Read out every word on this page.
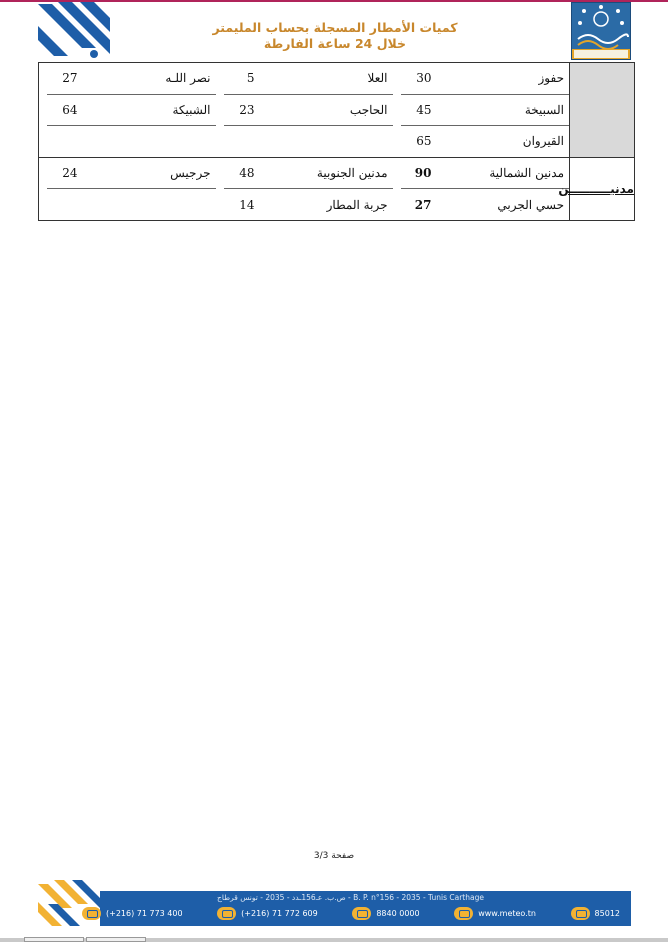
كميات الأمطار المسجلة بحساب المليمتر
خلال 24 ساعة الفارطة
	حفوز	30		العلا	5		نصر اللـه	27	
	السبيخة	45		الحاجب	23		الشبيكة	64	
	القيروان	65							
مدنيــــــــــن	مدنين الشمالية	90		مدنين الجنوبية	48		جرجيس	24	
	حسي الجربي	27		جربة المطار	14				
صفحة 3/3
ص.ب. عـ156ـدد - 2035 - تونس قرطاج - B. P. n°156 - 2035 - Tunis Carthage
(+216) 71 773 400	(+216) 71 772 609	8840 0000	www.meteo.tn	85012
